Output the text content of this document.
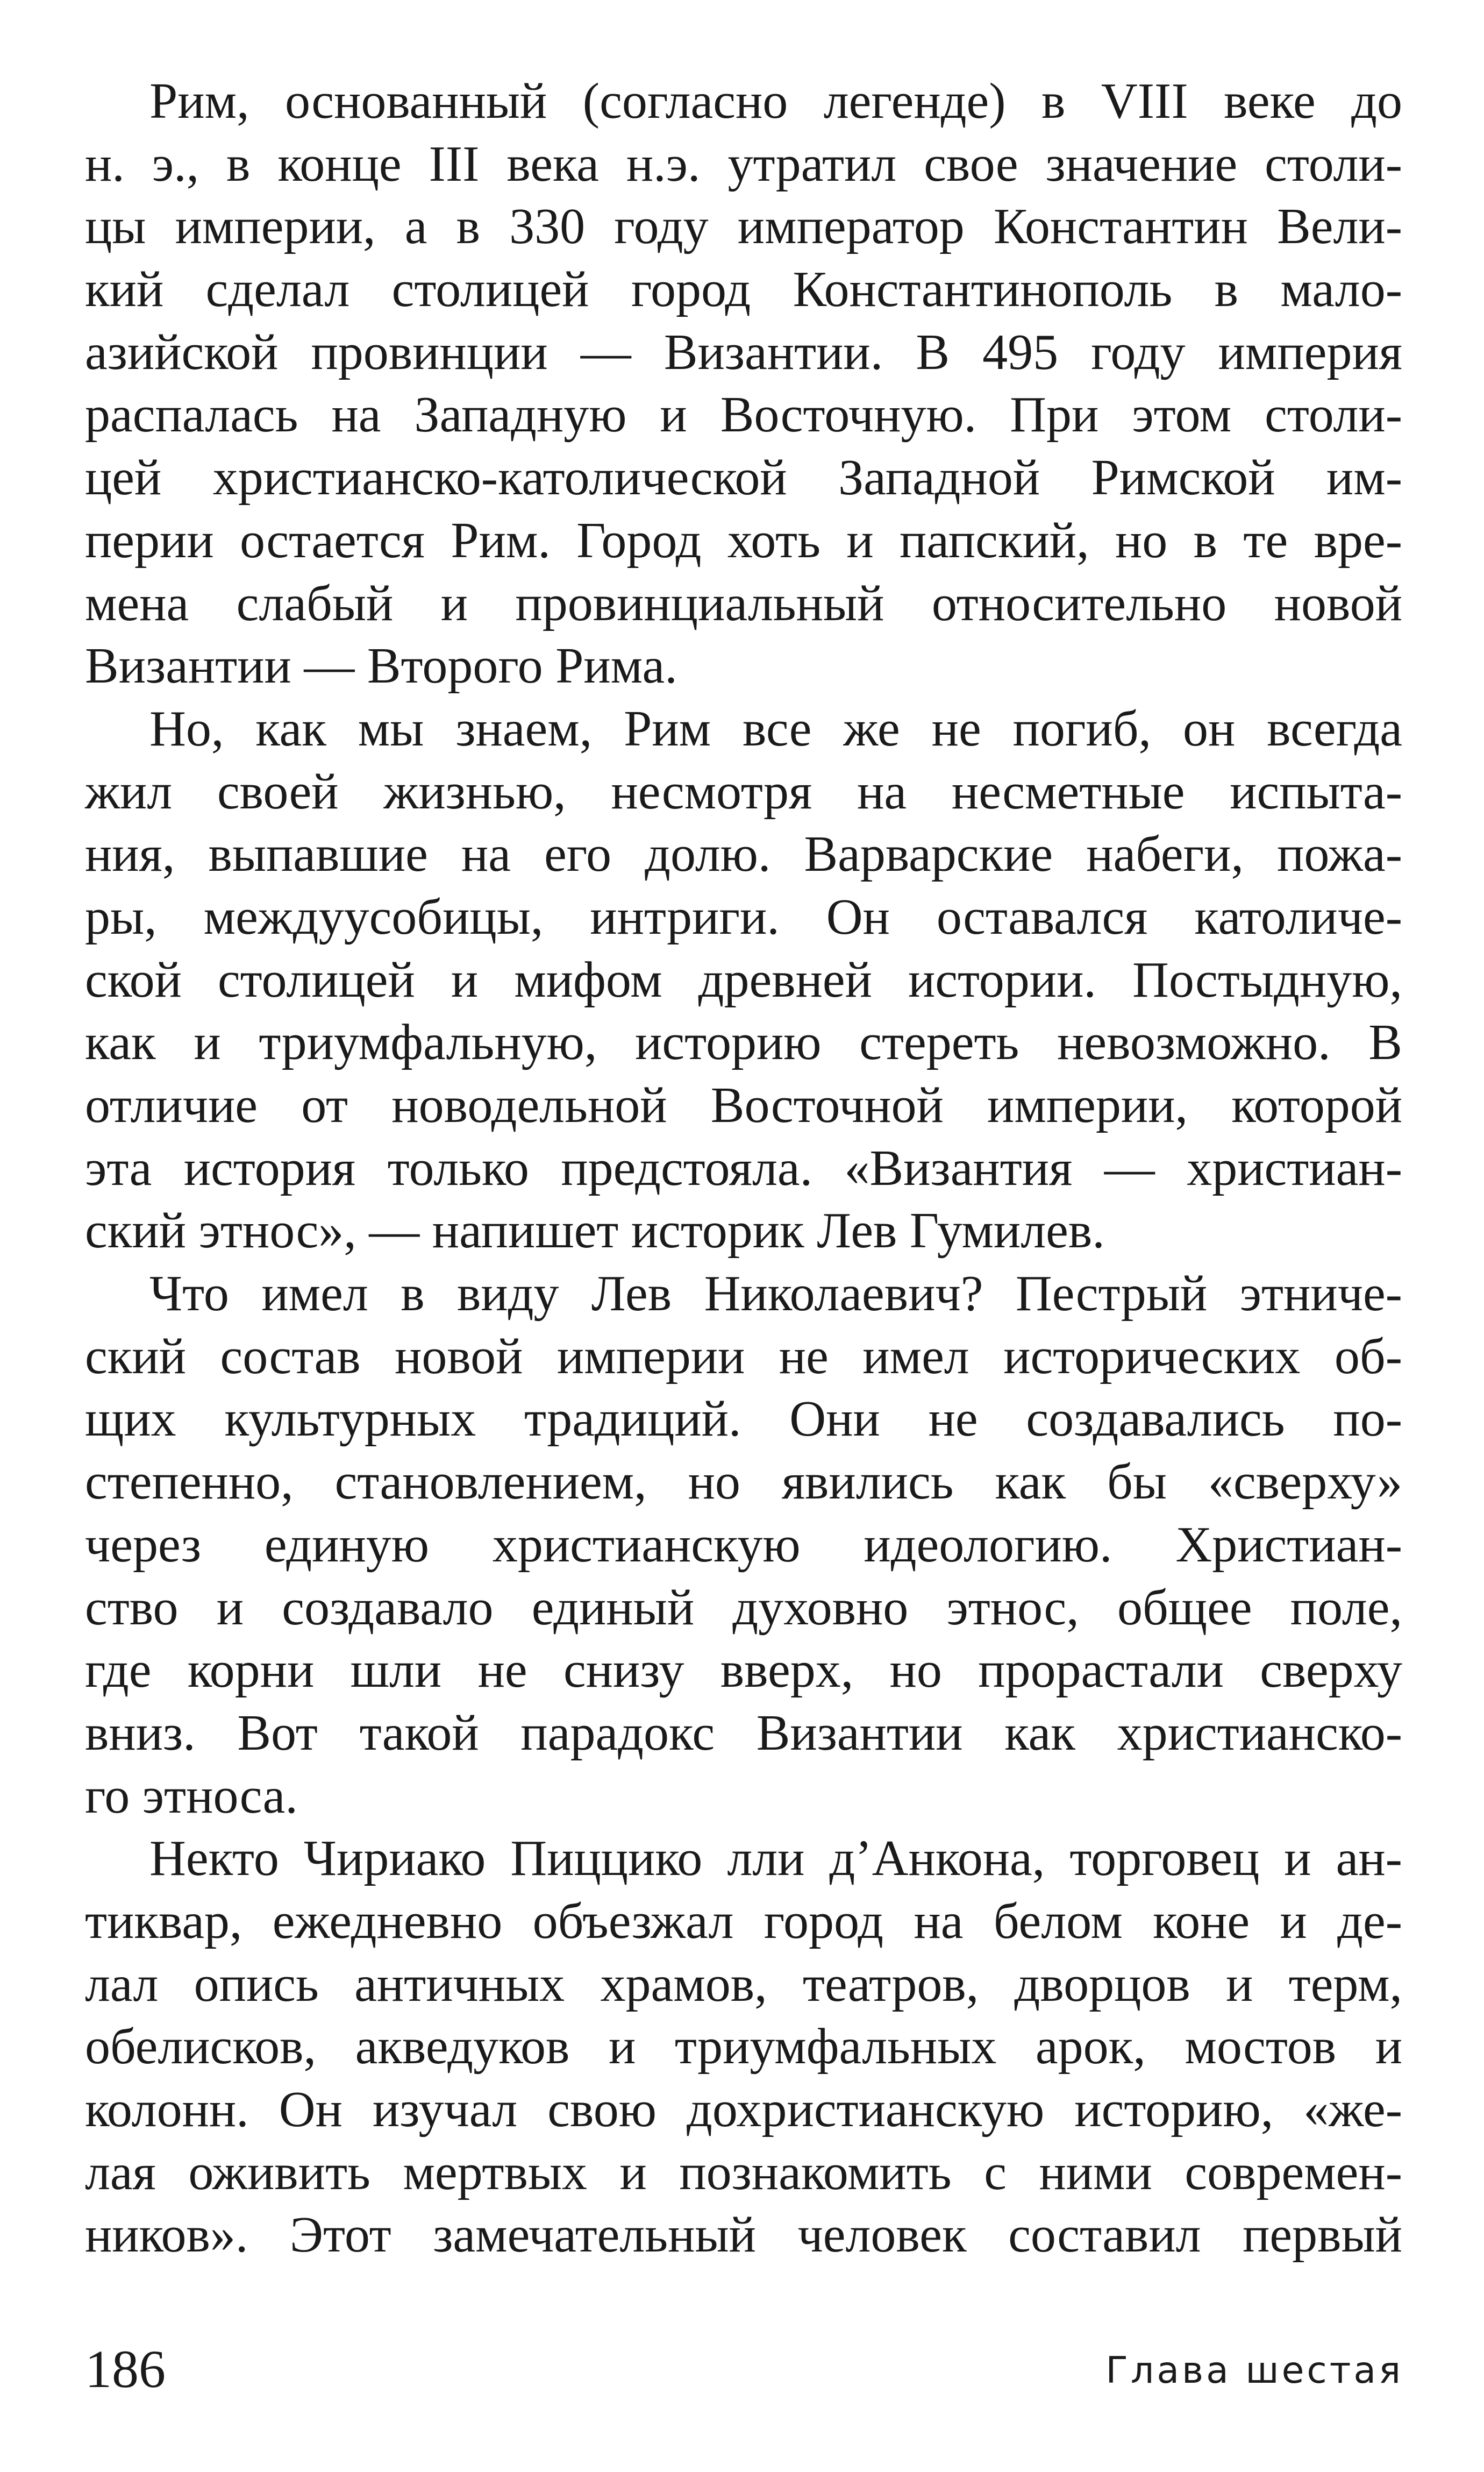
Рим, основанный (согласно легенде) в VIII веке до
н. э., в конце III века н.э. утратил свое значение столи-
цы империи, а в 330 году император Константин Вели-
кий сделал столицей город Константинополь в мало-
азийской провинции — Византии. В 495 году империя
распалась на Западную и Восточную. При этом столи-
цей христианско-католической Западной Римской им-
перии остается Рим. Город хоть и папский, но в те вре-
мена слабый и провинциальный относительно новой
Византии — Второго Рима.
Но, как мы знаем, Рим все же не погиб, он всегда
жил своей жизнью, несмотря на несметные испыта-
ния, выпавшие на его долю. Варварские набеги, пожа-
ры, междуусобицы, интриги. Он оставался католиче-
ской столицей и мифом древней истории. Постыдную,
как и триумфальную, историю стереть невозможно. В
отличие от новодельной Восточной империи, которой
эта история только предстояла. «Византия — христиан-
ский этнос», — напишет историк Лев Гумилев.
Что имел в виду Лев Николаевич? Пестрый этниче-
ский состав новой империи не имел исторических об-
щих культурных традиций. Они не создавались по-
степенно, становлением, но явились как бы «сверху»
через единую христианскую идеологию. Христиан-
ство и создавало единый духовно этнос, общее поле,
где корни шли не снизу вверх, но прорастали сверху
вниз. Вот такой парадокс Византии как христианско-
го этноса.
Некто Чириако Пиццико лли д’Анкона, торговец и ан-
тиквар, ежедневно объезжал город на белом коне и де-
лал опись античных храмов, театров, дворцов и терм,
обелисков, акведуков и триумфальных арок, мостов и
колонн. Он изучал свою дохристианскую историю, «же-
лая оживить мертвых и познакомить с ними современ-
ников». Этот замечательный человек составил первый
186	Глава шестая
